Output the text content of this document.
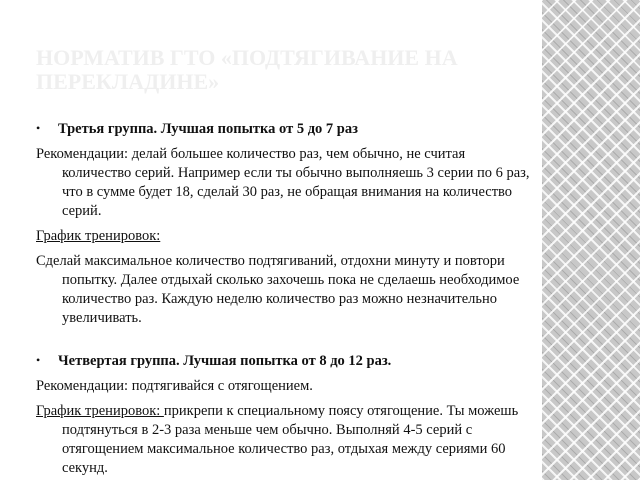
НОРМАТИВ ГТО «ПОДТЯГИВАНИЕ НА ПЕРЕКЛАДИНЕ»
• Третья группа. Лучшая попытка от 5 до 7 раз

Рекомендации: делай большее количество раз, чем обычно, не считая количество серий. Например если ты обычно выполняешь 3 серии по 6 раз, что в сумме будет 18, сделай 30 раз, не обращая внимания на количество серий.

График тренировок:

Сделай максимальное количество подтягиваний, отдохни минуту и повтори попытку. Далее отдыхай сколько захочешь пока не сделаешь необходимое количество раз. Каждую неделю количество раз можно незначительно увеличивать.

• Четвертая группа. Лучшая попытка от 8 до 12 раз.

Рекомендации: подтягивайся с отягощением.

График тренировок: прикрепи к специальному поясу отягощение. Ты можешь подтянуться в 2-3 раза меньше чем обычно. Выполняй 4-5 серий с отягощением максимальное количество раз, отдыхая между сериями 60 секунд.
